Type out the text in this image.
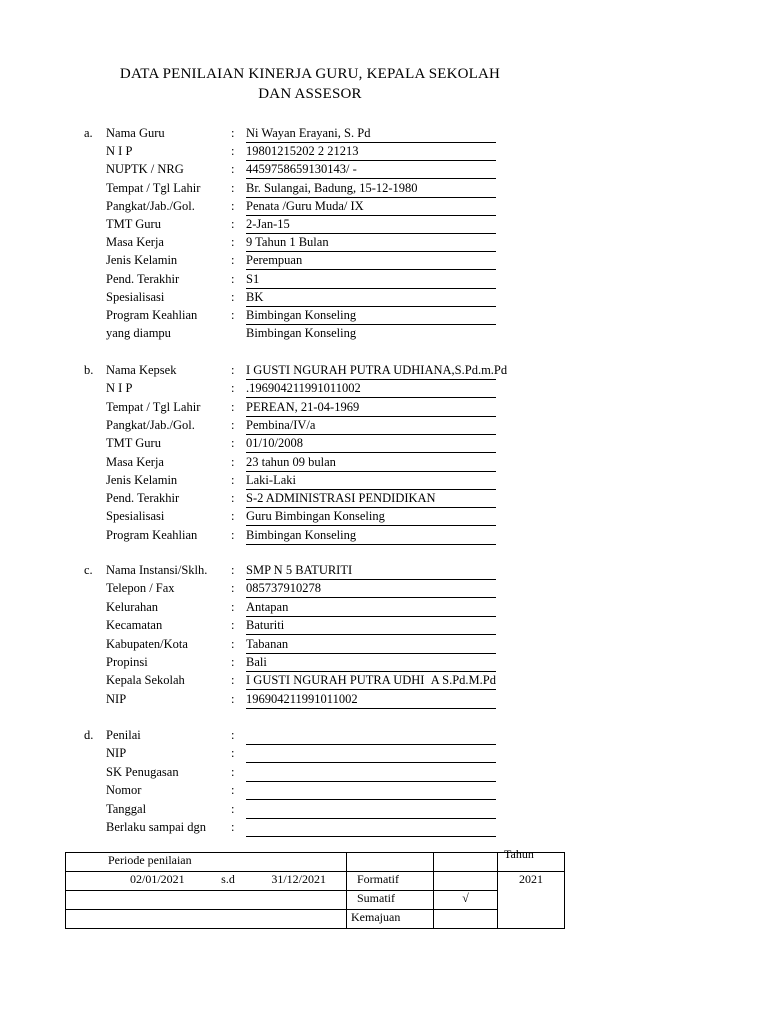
DATA PENILAIAN KINERJA GURU, KEPALA SEKOLAH
DAN ASSESOR
a. Nama Guru	: Ni Wayan Erayani, S. Pd
N I P	: 19801215202 2 21213
NUPTK / NRG	: 4459758659130143/ -
Tempat / Tgl Lahir : Br. Sulangai, Badung, 15-12-1980
Pangkat/Jab./Gol.	: Penata /Guru Muda/ IX
TMT Guru	: 2-Jan-15
Masa Kerja	: 9 Tahun 1 Bulan
Jenis Kelamin	: Perempuan
Pend. Terakhir	: S1
Spesialisasi	: BK
Program Keahlian	: Bimbingan Konseling
yang diampu	Bimbingan Konseling
b. Nama Kepsek	: I GUSTI NGURAH PUTRA UDHIANA,S.Pd.m.Pd
N I P	: .196904211991011002
Tempat / Tgl Lahir : PEREAN, 21-04-1969
Pangkat/Jab./Gol.	: Pembina/IV/a
TMT Guru	: 01/10/2008
Masa Kerja	: 23 tahun 09 bulan
Jenis Kelamin	: Laki-Laki
Pend. Terakhir	: S-2 ADMINISTRASI PENDIDIKAN
Spesialisasi	: Guru Bimbingan Konseling
Program Keahlian	: Bimbingan Konseling
c. Nama Instansi/Sklh. : SMP N 5 BATURITI
Telepon / Fax	: 085737910278
Kelurahan	: Antapan
Kecamatan	: Baturiti
Kabupaten/Kota	: Tabanan
Propinsi	: Bali
Kepala Sekolah	: I GUSTI NGURAH PUTRA UDHI A S.Pd.M.Pd
NIP	: 196904211991011002
d. Penilai	:
NIP	:
SK Penugasan	:
Nomor	:
Tanggal	:
Berlaku sampai dgn :
Periode penilaian			Tahun

02/01/2021 s.d 31/12/2021	Formatif		2021
	Sumatif	√	
	Kemajuan		
